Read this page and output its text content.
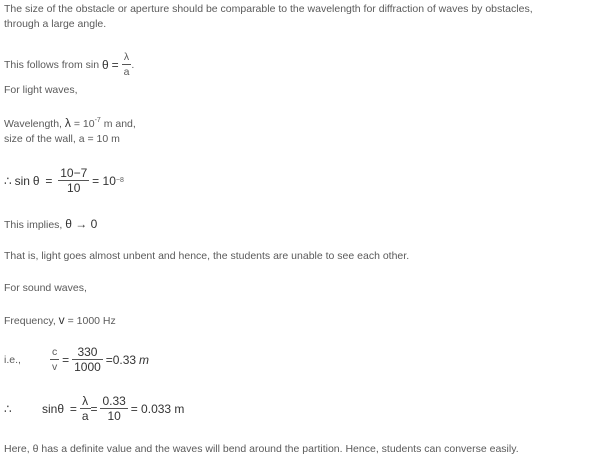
The size of the obstacle or aperture should be comparable to the wavelength for diffraction of waves by obstacles,
through a large angle.
This follows from sin
θ
=
$\frac{\lambda}{a}$ .
For light waves,
Wavelength, $\lambda = 10^{-7}$ m and,
size of the wall, a = 10 m
∴
sin
θ
=
$\frac{10-7}{10}$
= 10 −8
This implies, θ → 0
That is, light goes almost unbent and hence, the students are unable to see each other.
For sound waves,
Frequency, v = 1000 Hz
i.e.,	$\frac{c}{v}$
=
$\frac{330}{1000}$
=0.33
m
∴	sin θ
=
$\frac{\lambda}{a}$ =
$\frac{0.33}{10}$
= 0.033 m
Here, θ has a definite value and the waves will bend around the partition. Hence, students can converse easily.
